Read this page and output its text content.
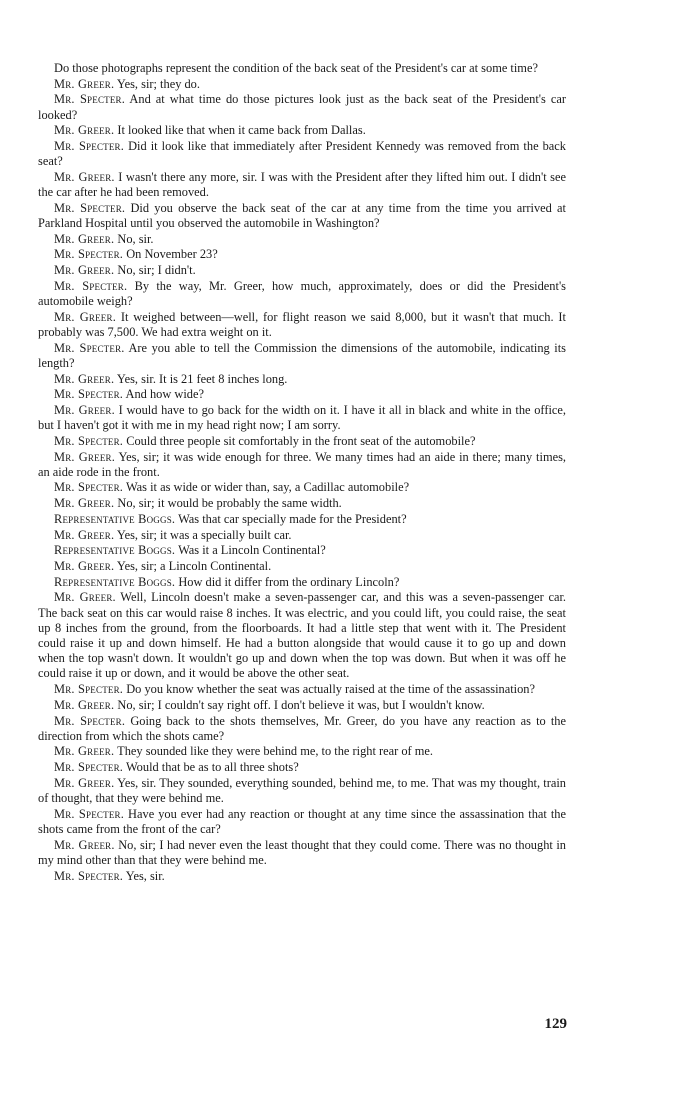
Do those photographs represent the condition of the back seat of the President's car at some time?

Mr. Greer. Yes, sir; they do.

Mr. Specter. And at what time do those pictures look just as the back seat of the President's car looked?

Mr. Greer. It looked like that when it came back from Dallas.

Mr. Specter. Did it look like that immediately after President Kennedy was removed from the back seat?

Mr. Greer. I wasn't there any more, sir. I was with the President after they lifted him out. I didn't see the car after he had been removed.

Mr. Specter. Did you observe the back seat of the car at any time from the time you arrived at Parkland Hospital until you observed the automobile in Washington?

Mr. Greer. No, sir.

Mr. Specter. On November 23?

Mr. Greer. No, sir; I didn't.

Mr. Specter. By the way, Mr. Greer, how much, approximately, does or did the President's automobile weigh?

Mr. Greer. It weighed between—well, for flight reason we said 8,000, but it wasn't that much. It probably was 7,500. We had extra weight on it.

Mr. Specter. Are you able to tell the Commission the dimensions of the automobile, indicating its length?

Mr. Greer. Yes, sir. It is 21 feet 8 inches long.

Mr. Specter. And how wide?

Mr. Greer. I would have to go back for the width on it. I have it all in black and white in the office, but I haven't got it with me in my head right now; I am sorry.

Mr. Specter. Could three people sit comfortably in the front seat of the automobile?

Mr. Greer. Yes, sir; it was wide enough for three. We many times had an aide in there; many times, an aide rode in the front.

Mr. Specter. Was it as wide or wider than, say, a Cadillac automobile?

Mr. Greer. No, sir; it would be probably the same width.

Representative Boggs. Was that car specially made for the President?

Mr. Greer. Yes, sir; it was a specially built car.

Representative Boggs. Was it a Lincoln Continental?

Mr. Greer. Yes, sir; a Lincoln Continental.

Representative Boggs. How did it differ from the ordinary Lincoln?

Mr. Greer. Well, Lincoln doesn't make a seven-passenger car, and this was a seven-passenger car. The back seat on this car would raise 8 inches. It was electric, and you could lift, you could raise, the seat up 8 inches from the ground, from the floorboards. It had a little step that went with it. The President could raise it up and down himself. He had a button alongside that would cause it to go up and down when the top wasn't down. It wouldn't go up and down when the top was down. But when it was off he could raise it up or down, and it would be above the other seat.

Mr. Specter. Do you know whether the seat was actually raised at the time of the assassination?

Mr. Greer. No, sir; I couldn't say right off. I don't believe it was, but I wouldn't know.

Mr. Specter. Going back to the shots themselves, Mr. Greer, do you have any reaction as to the direction from which the shots came?

Mr. Greer. They sounded like they were behind me, to the right rear of me.

Mr. Specter. Would that be as to all three shots?

Mr. Greer. Yes, sir. They sounded, everything sounded, behind me, to me. That was my thought, train of thought, that they were behind me.

Mr. Specter. Have you ever had any reaction or thought at any time since the assassination that the shots came from the front of the car?

Mr. Greer. No, sir; I had never even the least thought that they could come. There was no thought in my mind other than that they were behind me.

Mr. Specter. Yes, sir.

129
